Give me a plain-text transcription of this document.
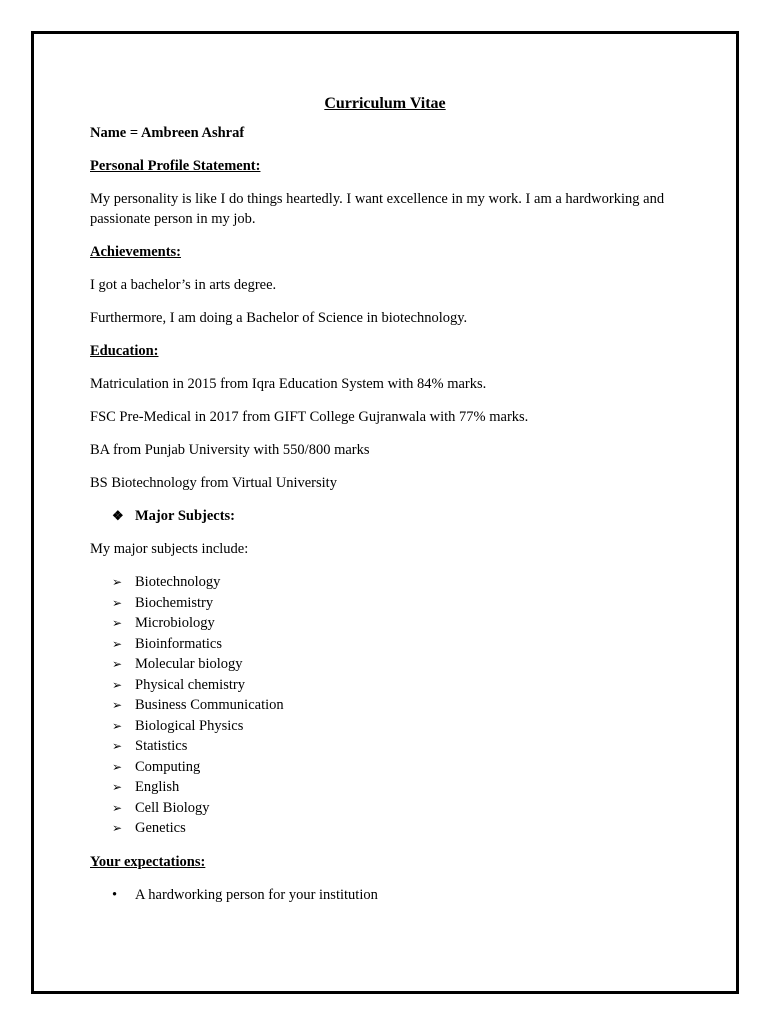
Curriculum Vitae
Name = Ambreen Ashraf
Personal Profile Statement:
My personality is like I do things heartedly. I want excellence in my work. I am a hardworking and passionate person in my job.
Achievements:
I got a bachelor’s in arts degree.
Furthermore, I am doing a Bachelor of Science in biotechnology.
Education:
Matriculation in 2015 from Iqra Education System with 84% marks.
FSC Pre-Medical in 2017 from GIFT College Gujranwala with 77% marks.
BA from Punjab University with 550/800 marks
BS Biotechnology from Virtual University
❖ Major Subjects:
My major subjects include:
➢ Biotechnology
➢ Biochemistry
➢ Microbiology
➢ Bioinformatics
➢ Molecular biology
➢ Physical chemistry
➢ Business Communication
➢ Biological Physics
➢ Statistics
➢ Computing
➢ English
➢ Cell Biology
➢ Genetics
Your expectations:
• A hardworking person for your institution
